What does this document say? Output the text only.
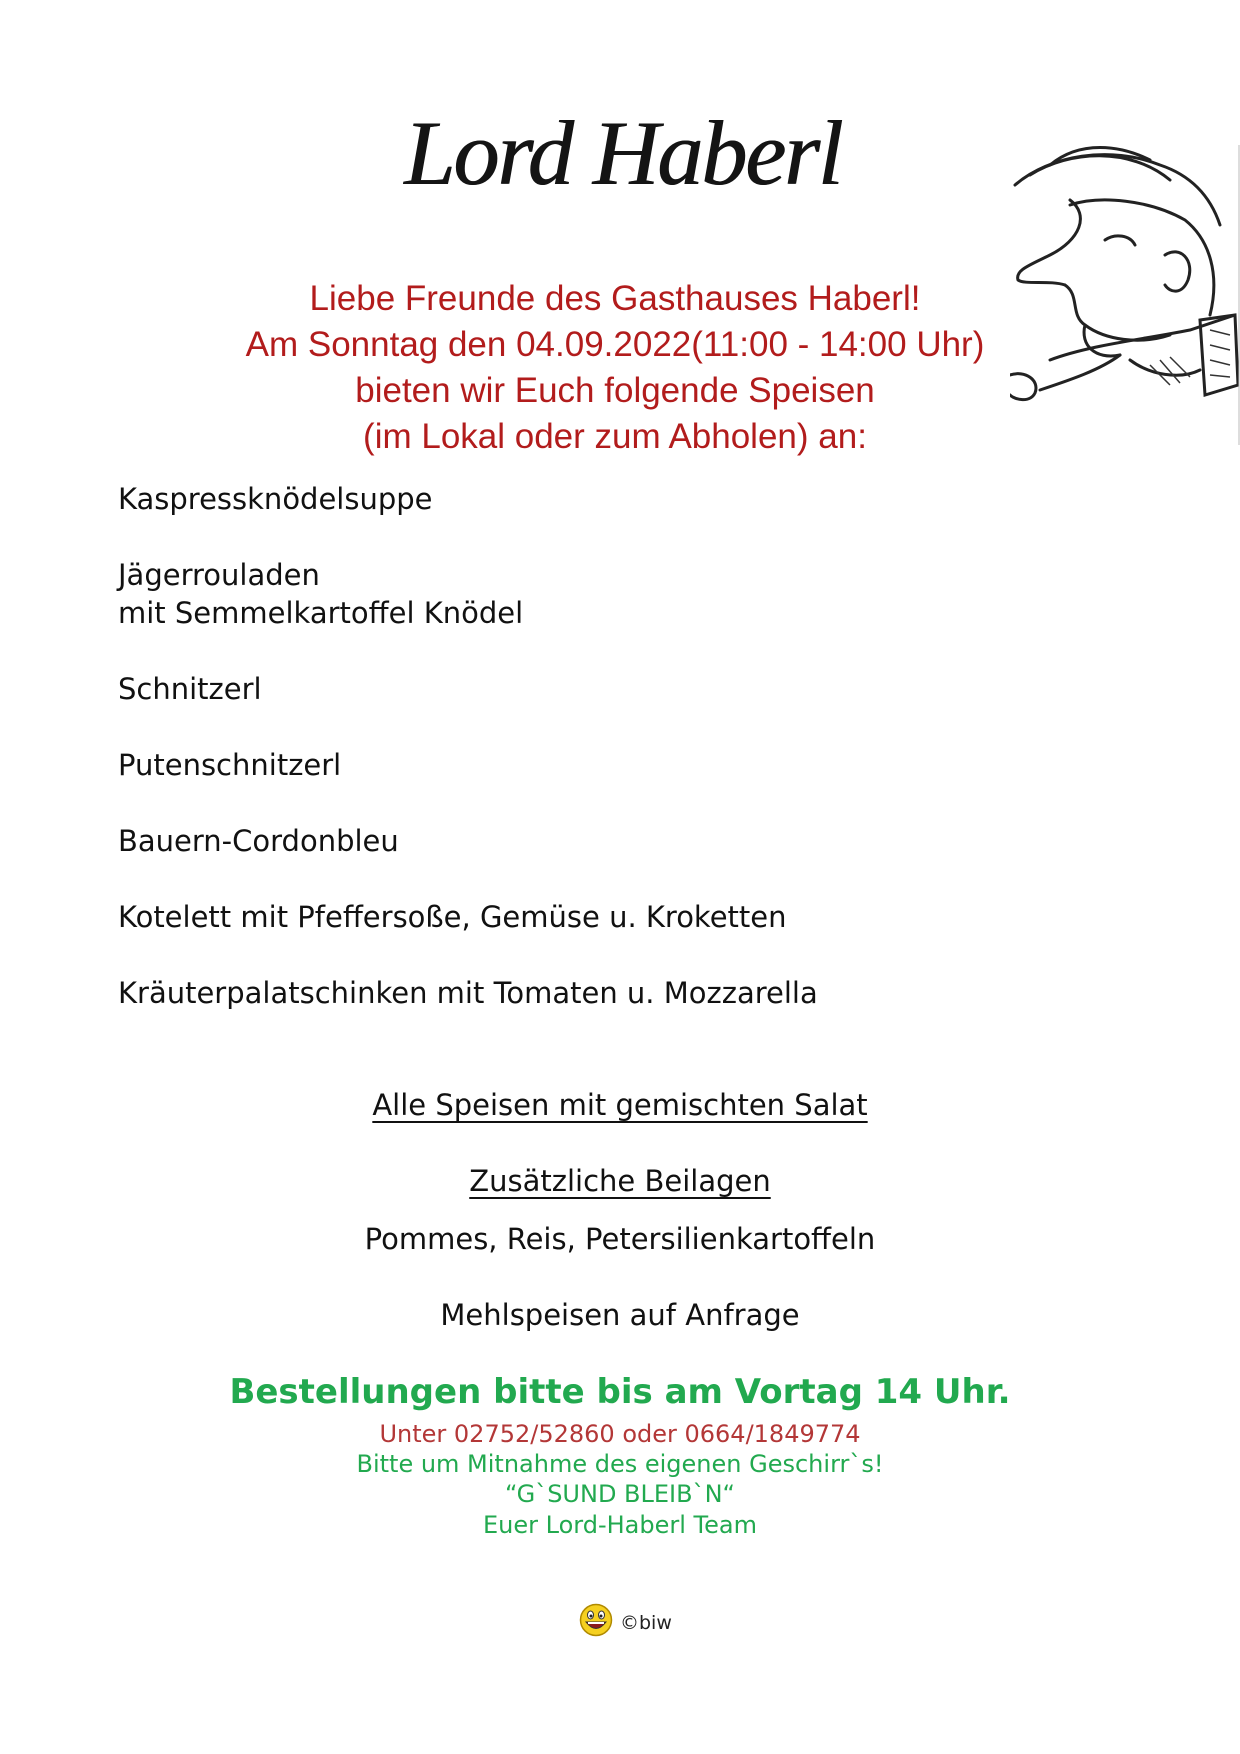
Lord Haberl
Liebe Freunde des Gasthauses Haberl!
Am Sonntag den 04.09.2022(11:00 - 14:00 Uhr)
bieten wir Euch folgende Speisen
(im Lokal oder zum Abholen) an:
Kaspressknödelsuppe
Jägerrouladen
mit Semmelkartoffel Knödel
Schnitzerl
Putenschnitzerl
Bauern-Cordonbleu
Kotelett mit Pfeffersoße, Gemüse u. Kroketten
Kräuterpalatschinken mit Tomaten u. Mozzarella
Alle Speisen mit gemischten Salat
Zusätzliche Beilagen
Pommes, Reis, Petersilienkartoffeln
Mehlspeisen auf Anfrage
Bestellungen bitte bis am Vortag 14 Uhr.
Unter 02752/52860 oder 0664/1849774
Bitte um Mitnahme des eigenen Geschirr`s!
“G`SUND BLEIB`N“
Euer Lord-Haberl Team
©biw
